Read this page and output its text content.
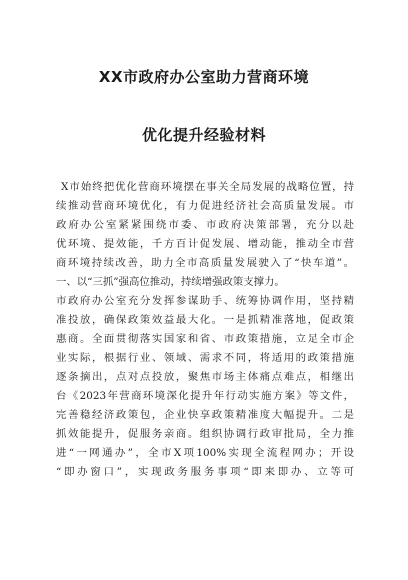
XX市政府办公室助力营商环境
优化提升经验材料
X市始终把优化营商环境摆在事关全局发展的战略位置，持
续推动营商环境优化，有力促进经济社会高质量发展。市
政府办公室紧紧围绕市委、市政府决策部署，充分以赴
优环境、提效能，千方百计促发展、增动能，推动全市营
商环境持续改善，助力全市高质量发展驶入了“快车道”。
一、以“三抓”强高位推动，持续增强政策支撑力。
市政府办公室充分发挥参谋助手、统筹协调作用，坚持精
准投放，确保政策效益最大化。一是抓精准落地，促政策
惠商。全面贯彻落实国家和省、市政策措施，立足全市企
业实际，根据行业、领域、需求不同，将适用的政策措施
逐条摘出，点对点投放，聚焦市场主体痛点难点，相继出
台《2023年营商环境深化提升年行动实施方案》等文件，
完善稳经济政策包，企业快享政策精准度大幅提升。二是
抓效能提升，促服务亲商。组织协调行政审批局，全力推
进“一网通办”，全市X项100%实现全流程网办；开设
“即办窗口”，实现政务服务事项“即来即办、立等可
